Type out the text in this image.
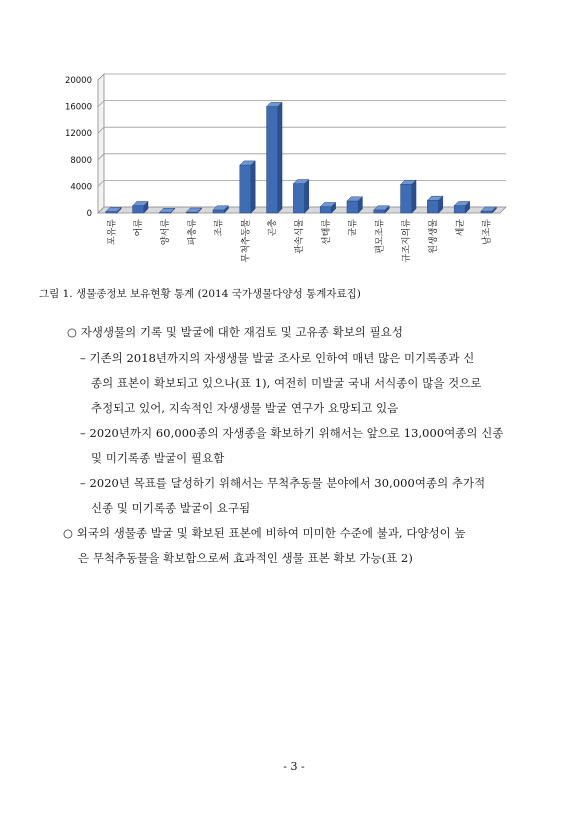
0
4000
8000
12000
16000
20000
포유류 어류 양서류 파충류 조류 무척추동물 곤충 관속식물 선태류 균류 편모조류 규조지의류 원생생물 세균 남조류
그림 1. 생물종정보 보유현황 통계 (2014 국가생물다양성 통계자료집)
○ 자생생물의 기록 및 발굴에 대한 재검토 및 고유종 확보의 필요성
– 기존의 2018년까지의 자생생물 발굴 조사로 인하여 매년 많은 미기록종과 신
종의 표본이 확보되고 있으나(표 1), 여전히 미발굴 국내 서식종이 많을 것으로
추정되고 있어, 지속적인 자생생물 발굴 연구가 요망되고 있음
– 2020년까지 60,000종의 자생종을 확보하기 위해서는 앞으로 13,000여종의 신종
및 미기록종 발굴이 필요함
– 2020년 목표를 달성하기 위해서는 무척추동물 분야에서 30,000여종의 추가적
신종 및 미기록종 발굴이 요구됨
○ 외국의 생물종 발굴 및 확보된 표본에 비하여 미미한 수준에 불과, 다양성이 높
은 무척추동물을 확보함으로써 효과적인 생물 표본 확보 가능(표 2)
- 3 -
